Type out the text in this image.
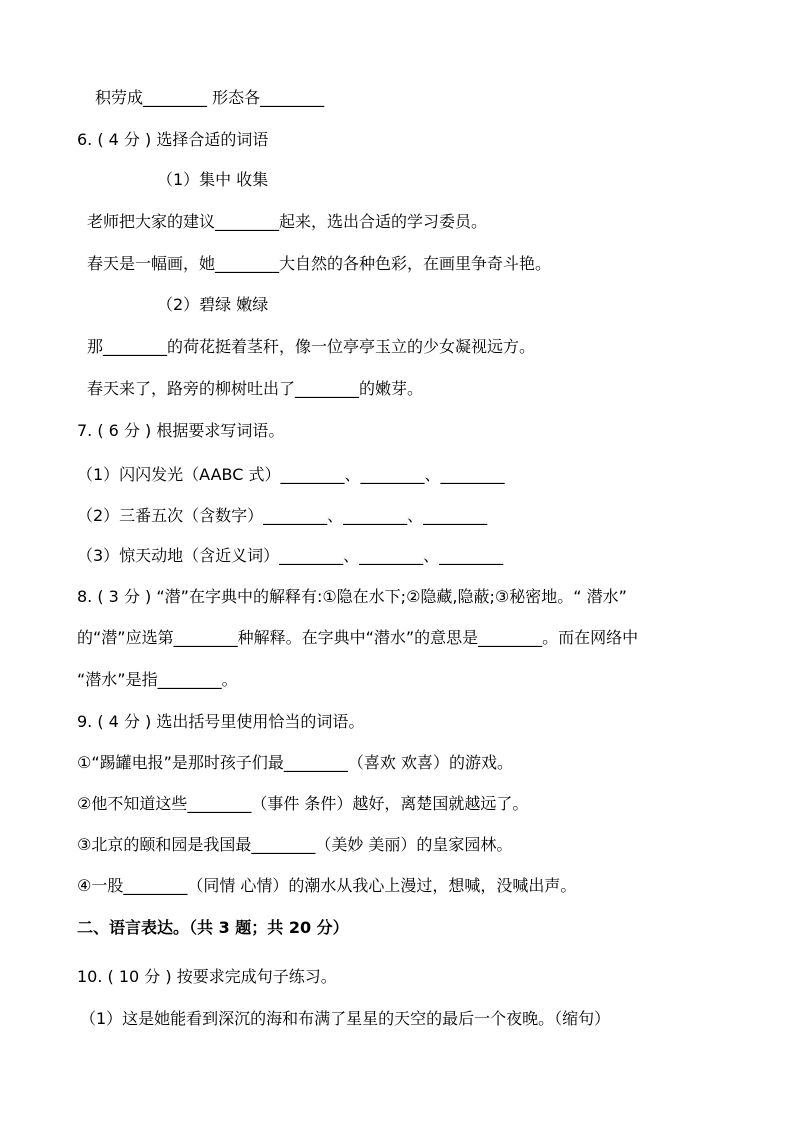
积劳成________ 形态各________
6. ( 4 分 ) 选择合适的词语
（1）集中 收集
老师把大家的建议________起来，选出合适的学习委员。
春天是一幅画，她________大自然的各种色彩，在画里争奇斗艳。
（2）碧绿 嫩绿
那________的荷花挺着茎秆，像一位亭亭玉立的少女凝视远方。
春天来了，路旁的柳树吐出了________的嫩芽。
7. ( 6 分 ) 根据要求写词语。
（1）闪闪发光（AABC 式）________、________、________
（2）三番五次（含数字）________、________、________
（3）惊天动地（含近义词）________、________、________
8. ( 3 分 ) “潜”在字典中的解释有:①隐在水下;②隐藏,隐蔽;③秘密地。“ 潜水”
的“潜”应选第________种解释。在字典中“潜水”的意思是________。而在网络中
“潜水”是指________。
9. ( 4 分 ) 选出括号里使用恰当的词语。
①“踢罐电报”是那时孩子们最________（喜欢 欢喜）的游戏。
②他不知道这些________（事件 条件）越好，离楚国就越远了。
③北京的颐和园是我国最________（美妙 美丽）的皇家园林。
④一股________（同情 心情）的潮水从我心上漫过，想喊，没喊出声。
二、语言表达。（共 3 题；共 20 分）
10. ( 10 分 ) 按要求完成句子练习。
（1）这是她能看到深沉的海和布满了星星的天空的最后一个夜晚。（缩句）
